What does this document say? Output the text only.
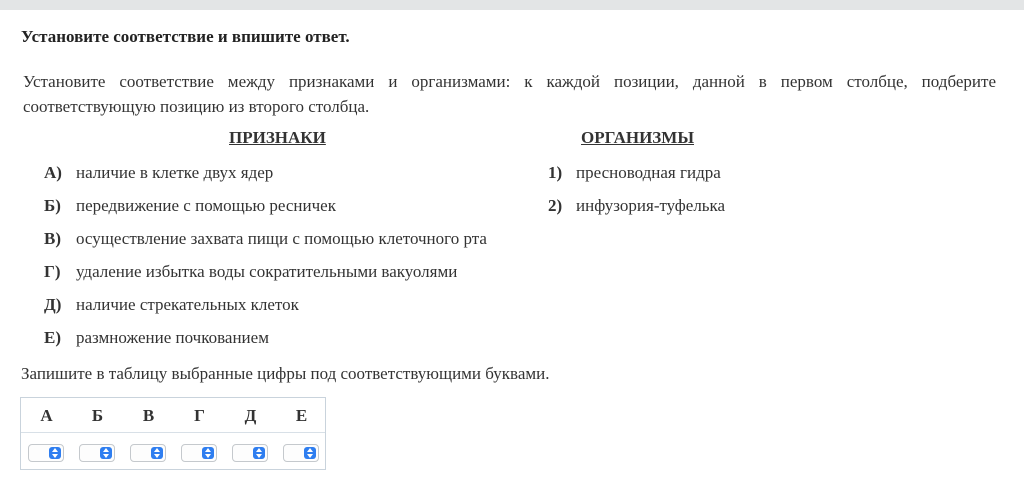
Установите соответствие и впишите ответ.
Установите соответствие между признаками и организмами: к каждой позиции, данной в первом столбце, подберите соответствующую позицию из второго столбца.
ПРИЗНАКИ	ОРГАНИЗМЫ
А) наличие в клетке двух ядер
Б) передвижение с помощью ресничек
В) осуществление захвата пищи с помощью клеточного рта
Г) удаление избытка воды сократительными вакуолями
Д) наличие стрекательных клеток
Е) размножение почкованием
1) пресноводная гидра
2) инфузория-туфелька
Запишите в таблицу выбранные цифры под соответствующими буквами.
А	Б	В	Г	Д	Е
